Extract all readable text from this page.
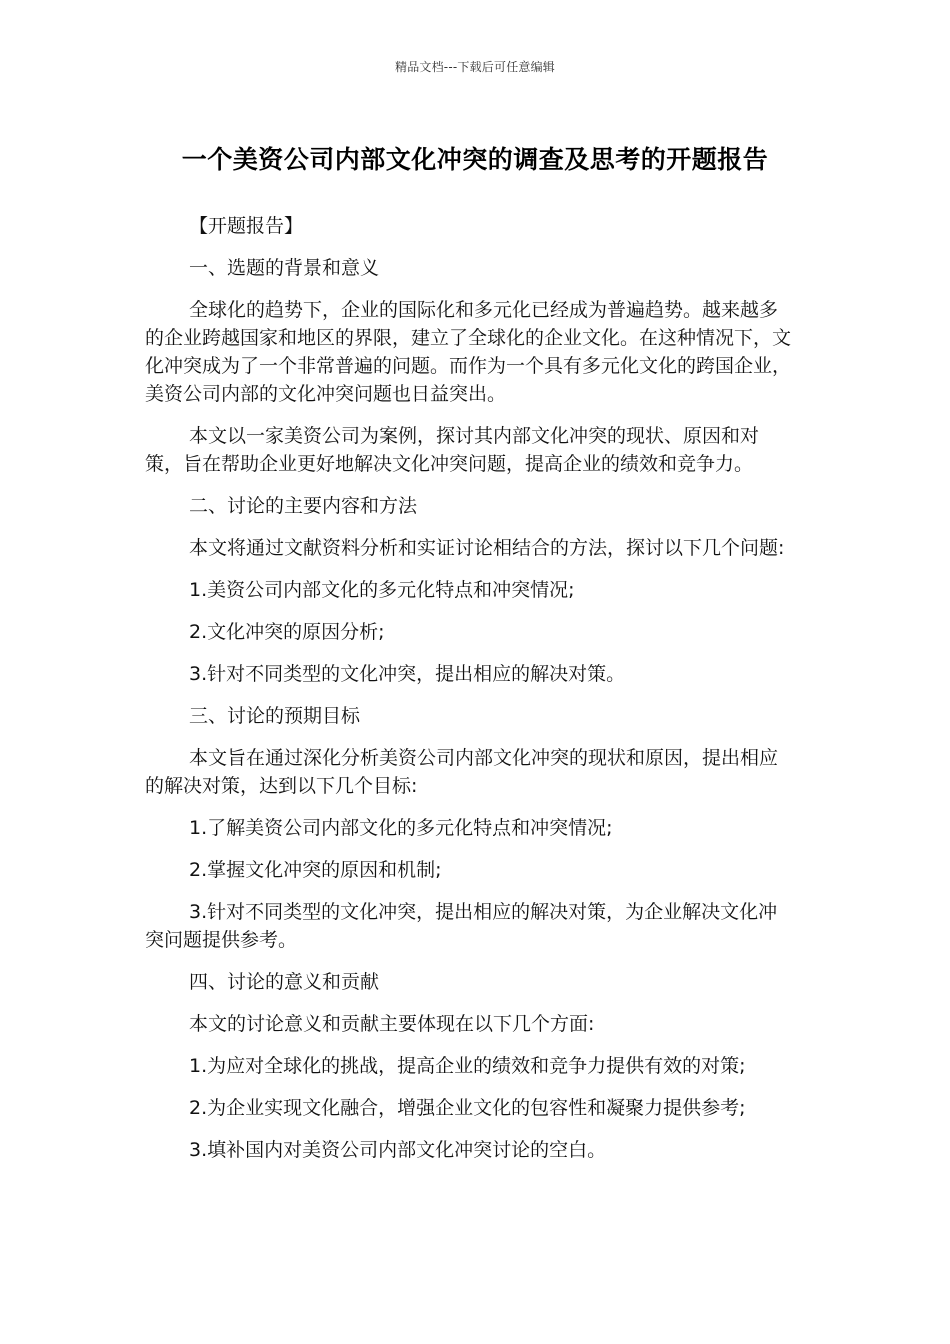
精品文档---下载后可任意编辑
一个美资公司内部文化冲突的调查及思考的开题报告

【开题报告】

一、选题的背景和意义

全球化的趋势下，企业的国际化和多元化已经成为普遍趋势。越来越多的企业跨越国家和地区的界限，建立了全球化的企业文化。在这种情况下，文化冲突成为了一个非常普遍的问题。而作为一个具有多元化文化的跨国企业，美资公司内部的文化冲突问题也日益突出。

本文以一家美资公司为案例，探讨其内部文化冲突的现状、原因和对策，旨在帮助企业更好地解决文化冲突问题，提高企业的绩效和竞争力。

二、讨论的主要内容和方法

本文将通过文献资料分析和实证讨论相结合的方法，探讨以下几个问题:

1.美资公司内部文化的多元化特点和冲突情况;

2.文化冲突的原因分析;

3.针对不同类型的文化冲突，提出相应的解决对策。

三、讨论的预期目标

本文旨在通过深化分析美资公司内部文化冲突的现状和原因，提出相应的解决对策，达到以下几个目标:

1.了解美资公司内部文化的多元化特点和冲突情况;

2.掌握文化冲突的原因和机制;

3.针对不同类型的文化冲突，提出相应的解决对策，为企业解决文化冲突问题提供参考。

四、讨论的意义和贡献

本文的讨论意义和贡献主要体现在以下几个方面:

1.为应对全球化的挑战，提高企业的绩效和竞争力提供有效的对策;

2.为企业实现文化融合，增强企业文化的包容性和凝聚力提供参考;

3.填补国内对美资公司内部文化冲突讨论的空白。
